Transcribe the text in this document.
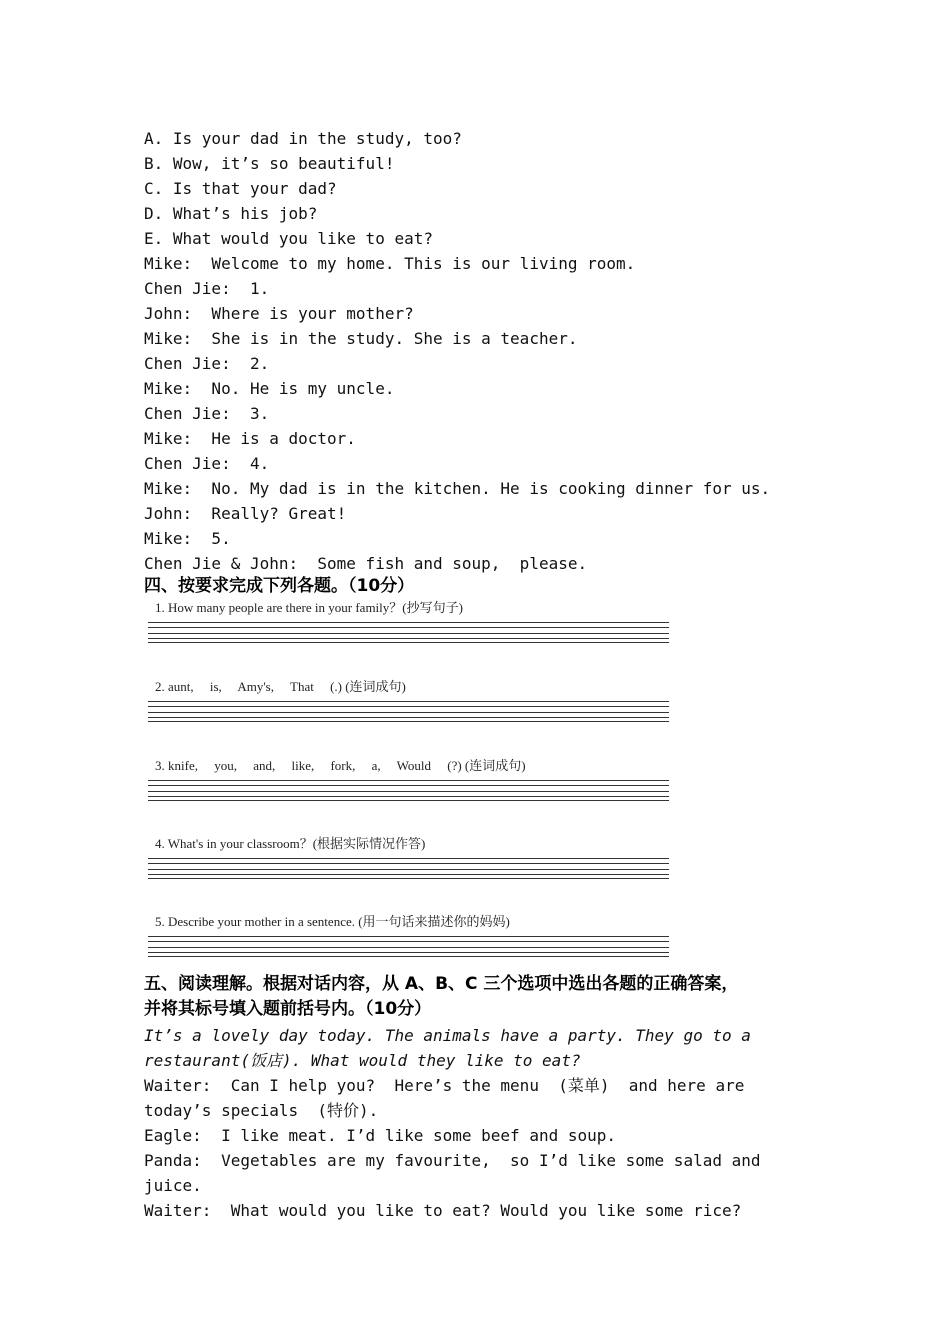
A. Is your dad in the study, too?
B. Wow, it’s so beautiful!
C. Is that your dad?
D. What’s his job?
E. What would you like to eat?
Mike:  Welcome to my home. This is our living room.
Chen Jie:  1.
John:  Where is your mother?
Mike:  She is in the study. She is a teacher.
Chen Jie:  2.
Mike:  No. He is my uncle.
Chen Jie:  3.
Mike:  He is a doctor.
Chen Jie:  4.
Mike:  No. My dad is in the kitchen. He is cooking dinner for us.
John:  Really? Great!
Mike:  5.
Chen Jie & John:  Some fish and soup,  please.
四、按要求完成下列各题。（10分）
1. How many people are there in your family？(抄写句子)
2. aunt,     is,     Amy's,     That     (.) (连词成句)
3. knife,     you,     and,     like,     fork,     a,     Would     (?) (连词成句)
4. What's in your classroom？(根据实际情况作答)
5. Describe your mother in a sentence. (用一句话来描述你的妈妈)
五、阅读理解。根据对话内容，从 A、B、C 三个选项中选出各题的正确答案，
并将其标号填入题前括号内。（10分）
It’s a lovely day today. The animals have a party. They go to a
restaurant(饭店). What would they like to eat?
Waiter:  Can I help you?  Here’s the menu  (菜单)  and here are
today’s specials  (特价).
Eagle:  I like meat. I’d like some beef and soup.
Panda:  Vegetables are my favourite,  so I’d like some salad and
juice.
Waiter:  What would you like to eat? Would you like some rice?
